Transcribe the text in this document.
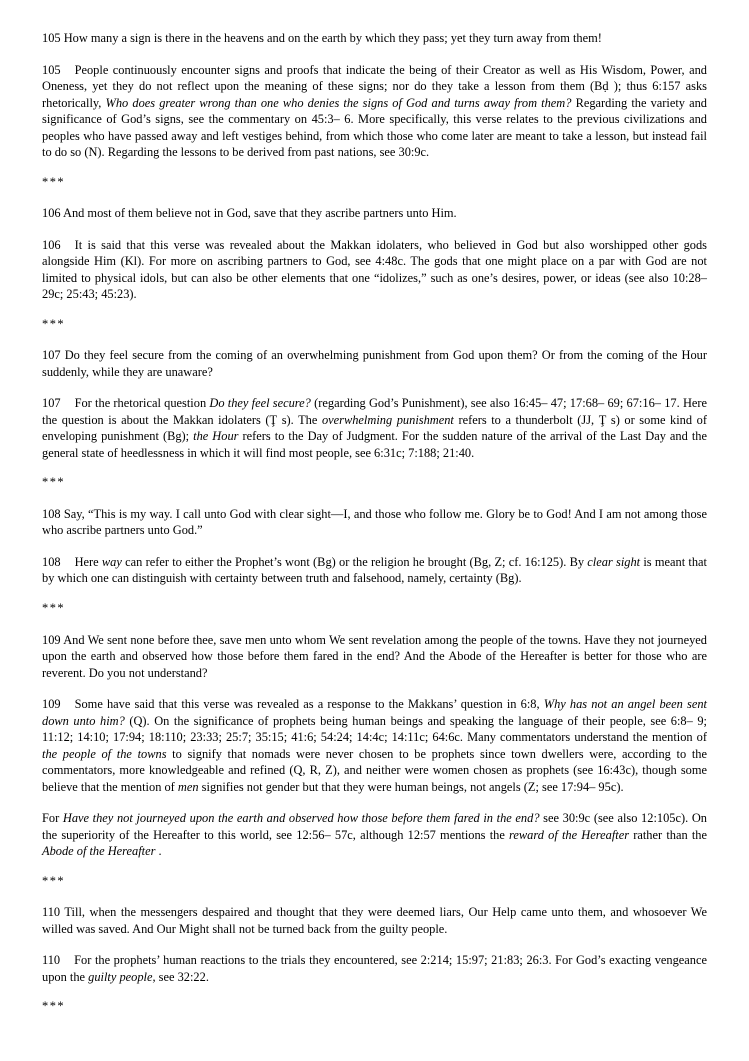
105 How many a sign is there in the heavens and on the earth by which they pass; yet they turn away from them!

105 People continuously encounter signs and proofs that indicate the being of their Creator as well as His Wisdom, Power, and Oneness, yet they do not reflect upon the meaning of these signs; nor do they take a lesson from them (Bḍ ); thus 6:157 asks rhetorically, Who does greater wrong than one who denies the signs of God and turns away from them? Regarding the variety and significance of God’s signs, see the commentary on 45:3– 6. More specifically, this verse relates to the previous civilizations and peoples who have passed away and left vestiges behind, from which those who come later are meant to take a lesson, but instead fail to do so (N). Regarding the lessons to be derived from past nations, see 30:9c.

***

106 And most of them believe not in God, save that they ascribe partners unto Him.

106 It is said that this verse was revealed about the Makkan idolaters, who believed in God but also worshipped other gods alongside Him (Kl). For more on ascribing partners to God, see 4:48c. The gods that one might place on a par with God are not limited to physical idols, but can also be other elements that one “idolizes,” such as one’s desires, power, or ideas (see also 10:28– 29c; 25:43; 45:23).

***

107 Do they feel secure from the coming of an overwhelming punishment from God upon them? Or from the coming of the Hour suddenly, while they are unaware?

107 For the rhetorical question Do they feel secure? (regarding God’s Punishment), see also 16:45– 47; 17:68– 69; 67:16– 17. Here the question is about the Makkan idolaters (Ţ s). The overwhelming punishment refers to a thunderbolt (JJ, Ţ s) or some kind of enveloping punishment (Bg); the Hour refers to the Day of Judgment. For the sudden nature of the arrival of the Last Day and the general state of heedlessness in which it will find most people, see 6:31c; 7:188; 21:40.

***

108 Say, “This is my way. I call unto God with clear sight—I, and those who follow me. Glory be to God! And I am not among those who ascribe partners unto God.”

108 Here way can refer to either the Prophet’s wont (Bg) or the religion he brought (Bg, Z; cf. 16:125). By clear sight is meant that by which one can distinguish with certainty between truth and falsehood, namely, certainty (Bg).

***

109 And We sent none before thee, save men unto whom We sent revelation among the people of the towns. Have they not journeyed upon the earth and observed how those before them fared in the end? And the Abode of the Hereafter is better for those who are reverent. Do you not understand?

109 Some have said that this verse was revealed as a response to the Makkans’ question in 6:8, Why has not an angel been sent down unto him? (Q). On the significance of prophets being human beings and speaking the language of their people, see 6:8– 9; 11:12; 14:10; 17:94; 18:110; 23:33; 25:7; 35:15; 41:6; 54:24; 14:4c; 14:11c; 64:6c. Many commentators understand the mention of the people of the towns to signify that nomads were never chosen to be prophets since town dwellers were, according to the commentators, more knowledgeable and refined (Q, R, Z), and neither were women chosen as prophets (see 16:43c), though some believe that the mention of men signifies not gender but that they were human beings, not angels (Z; see 17:94– 95c).

For Have they not journeyed upon the earth and observed how those before them fared in the end? see 30:9c (see also 12:105c). On the superiority of the Hereafter to this world, see 12:56– 57c, although 12:57 mentions the reward of the Hereafter rather than the Abode of the Hereafter .

***

110 Till, when the messengers despaired and thought that they were deemed liars, Our Help came unto them, and whosoever We willed was saved. And Our Might shall not be turned back from the guilty people.

110 For the prophets’ human reactions to the trials they encountered, see 2:214; 15:97; 21:83; 26:3. For God’s exacting vengeance upon the guilty people, see 32:22.

***
